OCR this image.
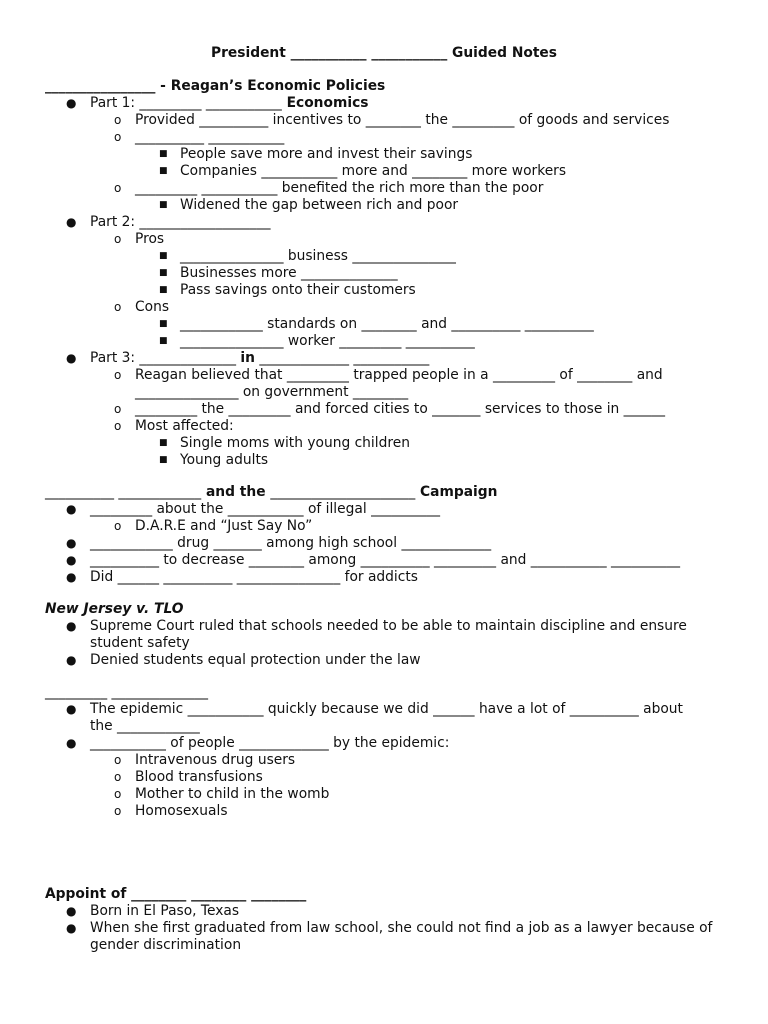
President ___________ ___________ Guided Notes
________________ - Reagan’s Economic Policies
● Part 1: _________ ___________ Economics
o Provided __________ incentives to ________ the _________ of goods and services
o __________ ___________
■ People save more and invest their savings
■ Companies ___________ more and ________ more workers
o _________ ___________ benefited the rich more than the poor
■ Widened the gap between rich and poor
● Part 2: ___________________
o Pros
■ _______________ business _______________
■ Businesses more ______________
■ Pass savings onto their customers
o Cons
■ ____________ standards on ________ and __________ __________
■ _______________ worker _________ __________
● Part 3: ______________ in _____________ ___________
o Reagan believed that _________ trapped people in a _________ of ________ and
_______________ on government ________
o _________ the _________ and forced cities to _______ services to those in ______
o Most affected:
■ Single moms with young children
■ Young adults
__________ ____________ and the _____________________ Campaign
● _________ about the ___________ of illegal __________
o D.A.R.E and “Just Say No”
● ____________ drug _______ among high school _____________
● __________ to decrease ________ among __________ _________ and ___________ __________
● Did ______ __________ _______________ for addicts
New Jersey v. TLO
● Supreme Court ruled that schools needed to be able to maintain discipline and ensure
student safety
● Denied students equal protection under the law
_________ ______________
● The epidemic ___________ quickly because we did ______ have a lot of __________ about
the ____________
● ___________ of people _____________ by the epidemic:
o Intravenous drug users
o Blood transfusions
o Mother to child in the womb
o Homosexuals
Appoint of ________ ________ ________
● Born in El Paso, Texas
● When she first graduated from law school, she could not find a job as a lawyer because of
gender discrimination
